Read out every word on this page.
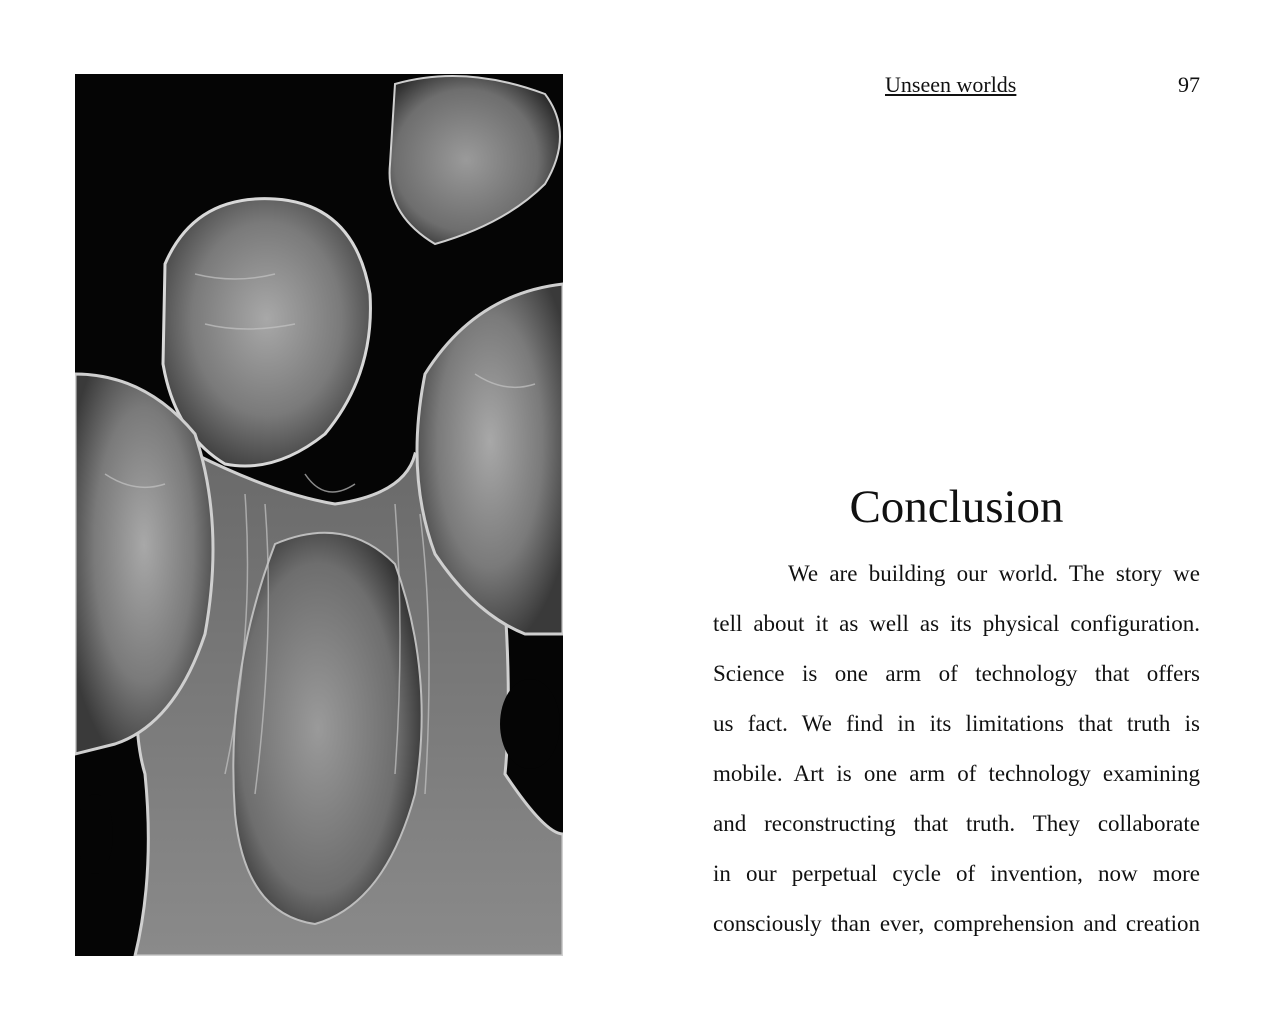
Unseen worlds	97
Conclusion
We are building our world. The story we
tell about it as well as its physical configuration.
Science is one arm of technology that offers
us fact. We find in its limitations that truth is
mobile. Art is one arm of technology examining
and reconstructing that truth. They collaborate
in our perpetual cycle of invention, now more
consciously than ever, comprehension and creation
